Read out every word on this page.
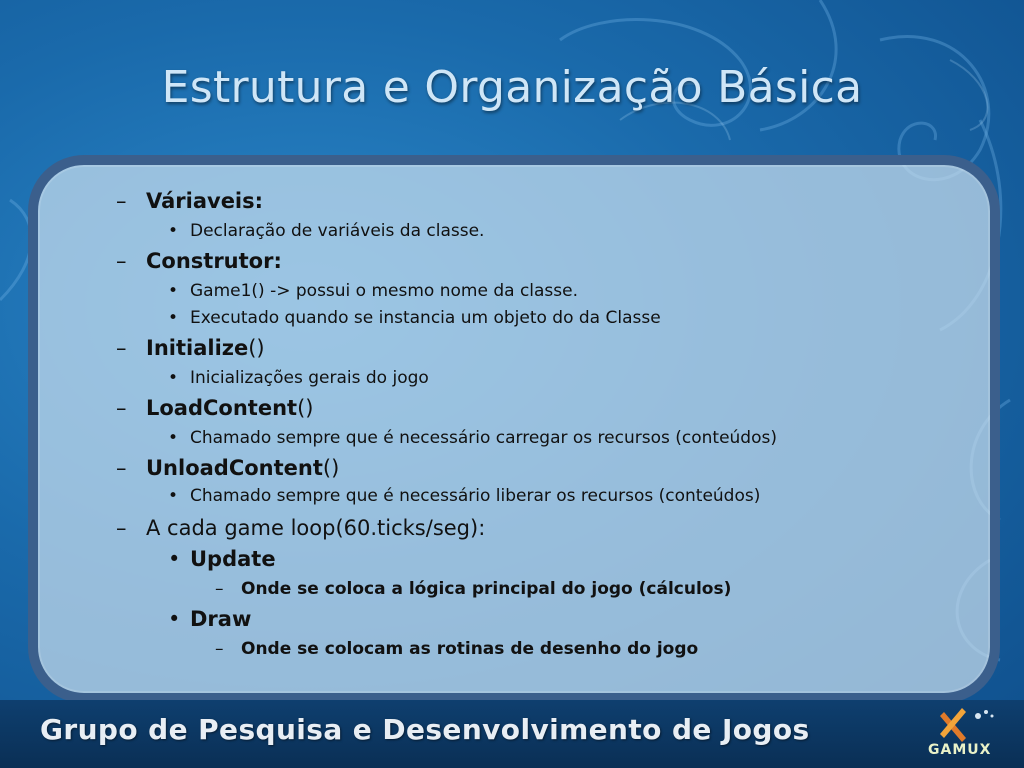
Estrutura e Organização Básica
–
Váriaveis:
•
Declaração de variáveis da classe.
–
Construtor:
•
Game1() -> possui o mesmo nome da classe.
•
Executado quando se instancia um objeto do da Classe
–
Initialize()
•
Inicializações gerais do jogo
–
LoadContent()
•
Chamado sempre que é necessário carregar os recursos (conteúdos)
–
UnloadContent()
•
Chamado sempre que é necessário liberar os recursos (conteúdos)
–
A cada game loop(60.ticks/seg):
•
Update
–
Onde se coloca a lógica principal do jogo (cálculos)
•
Draw
–
Onde se colocam as rotinas de desenho do jogo
Grupo de Pesquisa e Desenvolvimento de Jogos
GAMUX
